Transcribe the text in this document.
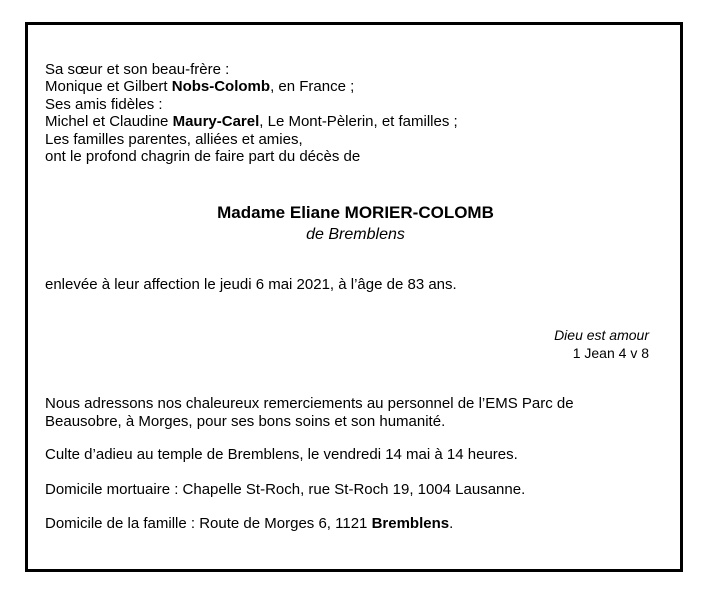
Sa sœur et son beau-frère :
Monique et Gilbert Nobs-Colomb, en France ;
Ses amis fidèles :
Michel et Claudine Maury-Carel, Le Mont-Pèlerin, et familles ;
Les familles parentes, alliées et amies,
ont le profond chagrin de faire part du décès de
Madame Eliane MORIER-COLOMB
de Bremblens
enlevée à leur affection le jeudi 6 mai 2021, à l’âge de 83 ans.
Dieu est amour
1 Jean 4 v 8
Nous adressons nos chaleureux remerciements au personnel de l’EMS Parc de
Beausobre, à Morges, pour ses bons soins et son humanité.
Culte d’adieu au temple de Bremblens, le vendredi 14 mai à 14 heures.
Domicile mortuaire : Chapelle St-Roch, rue St-Roch 19, 1004 Lausanne.
Domicile de la famille : Route de Morges 6, 1121 Bremblens.
